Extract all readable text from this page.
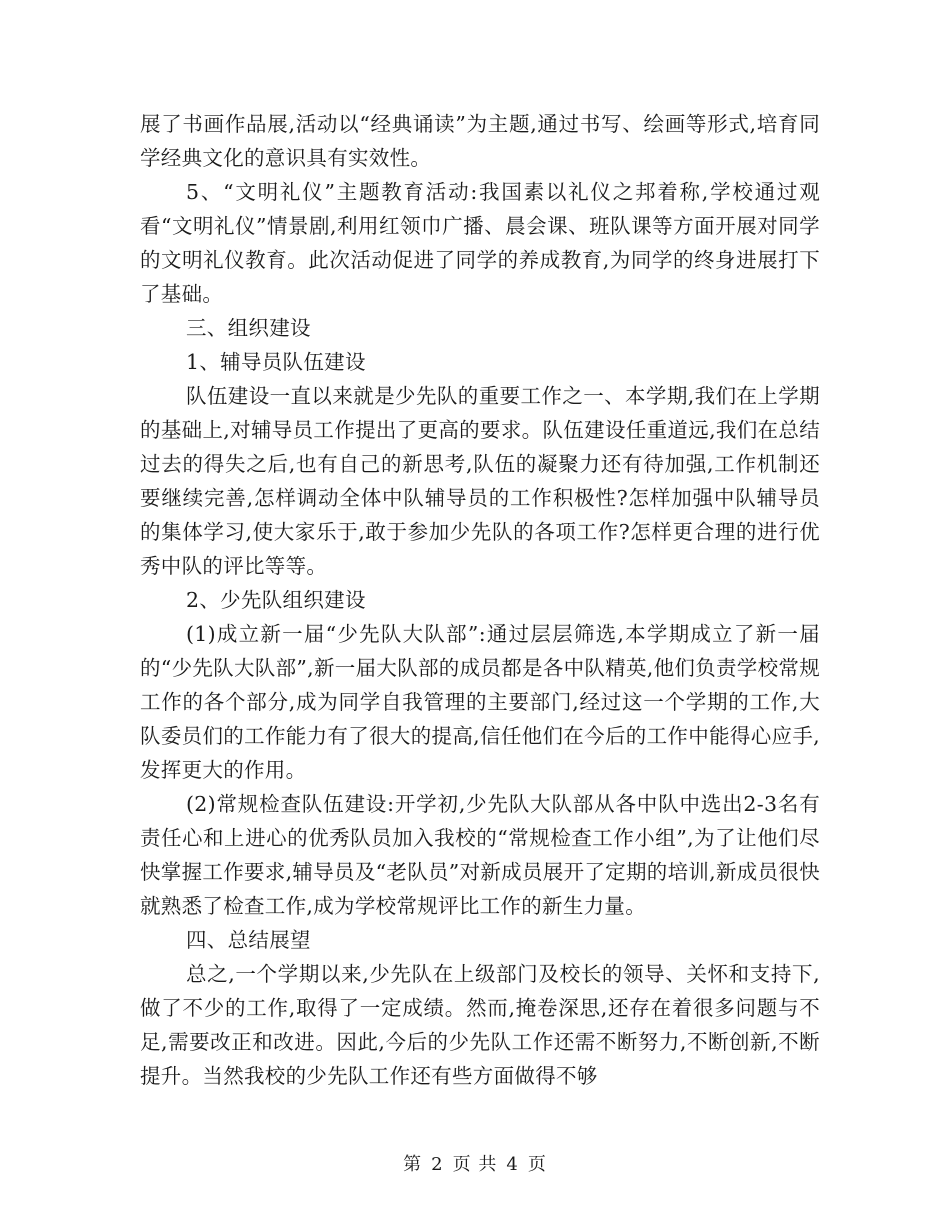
展了书画作品展,活动以“经典诵读”为主题,通过书写、绘画等形式,培育同学经典文化的意识具有实效性。

5、“文明礼仪”主题教育活动:我国素以礼仪之邦着称,学校通过观看“文明礼仪”情景剧,利用红领巾广播、晨会课、班队课等方面开展对同学的文明礼仪教育。此次活动促进了同学的养成教育,为同学的终身进展打下了基础。

三、组织建设

1、辅导员队伍建设

队伍建设一直以来就是少先队的重要工作之一、本学期,我们在上学期的基础上,对辅导员工作提出了更高的要求。队伍建设任重道远,我们在总结过去的得失之后,也有自己的新思考,队伍的凝聚力还有待加强,工作机制还要继续完善,怎样调动全体中队辅导员的工作积极性?怎样加强中队辅导员的集体学习,使大家乐于,敢于参加少先队的各项工作?怎样更合理的进行优秀中队的评比等等。

2、少先队组织建设

(1)成立新一届“少先队大队部”:通过层层筛选,本学期成立了新一届的“少先队大队部”,新一届大队部的成员都是各中队精英,他们负责学校常规工作的各个部分,成为同学自我管理的主要部门,经过这一个学期的工作,大队委员们的工作能力有了很大的提高,信任他们在今后的工作中能得心应手,发挥更大的作用。

(2)常规检查队伍建设:开学初,少先队大队部从各中队中选出2-3名有责任心和上进心的优秀队员加入我校的“常规检查工作小组”,为了让他们尽快掌握工作要求,辅导员及“老队员”对新成员展开了定期的培训,新成员很快就熟悉了检查工作,成为学校常规评比工作的新生力量。

四、总结展望

总之,一个学期以来,少先队在上级部门及校长的领导、关怀和支持下,做了不少的工作,取得了一定成绩。然而,掩卷深思,还存在着很多问题与不足,需要改正和改进。因此,今后的少先队工作还需不断努力,不断创新,不断提升。当然我校的少先队工作还有些方面做得不够

第 2 页 共 4 页
